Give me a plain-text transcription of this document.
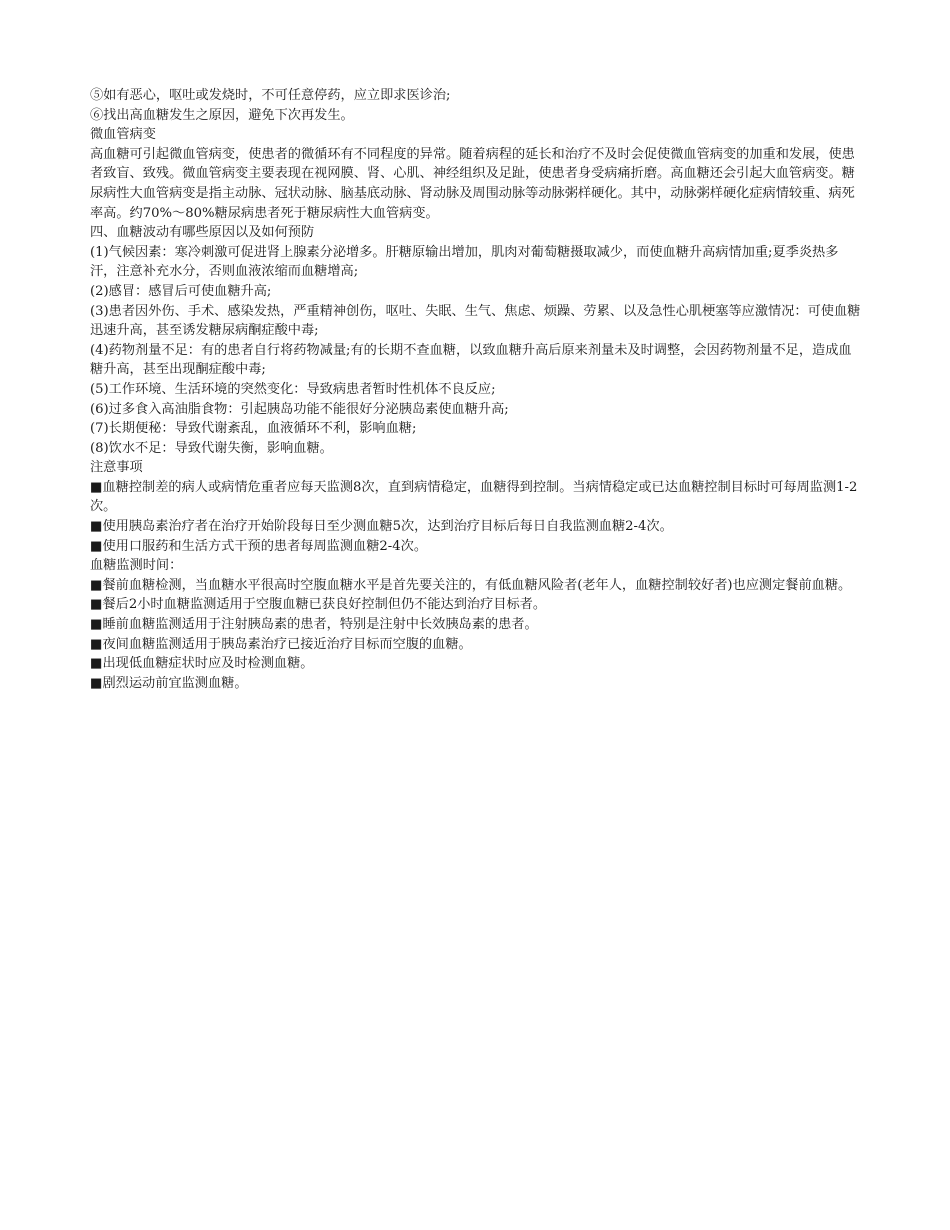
⑤如有恶心，呕吐或发烧时，不可任意停药，应立即求医诊治;

⑥找出高血糖发生之原因，避免下次再发生。

微血管病变

高血糖可引起微血管病变，使患者的微循环有不同程度的异常。随着病程的延长和治疗不及时会促使微血管病变的加重和发展，使患者致盲、致残。微血管病变主要表现在视网膜、肾、心肌、神经组织及足趾，使患者身受病痛折磨。高血糖还会引起大血管病变。糖尿病性大血管病变是指主动脉、冠状动脉、脑基底动脉、肾动脉及周围动脉等动脉粥样硬化。其中，动脉粥样硬化症病情较重、病死率高。约70%～80%糖尿病患者死于糖尿病性大血管病变。

四、血糖波动有哪些原因以及如何预防

(1)气候因素：寒冷刺激可促进肾上腺素分泌增多。肝糖原输出增加，肌肉对葡萄糖摄取减少，而使血糖升高病情加重;夏季炎热多汗，注意补充水分，否则血液浓缩而血糖增高;

(2)感冒：感冒后可使血糖升高;

(3)患者因外伤、手术、感染发热，严重精神创伤，呕吐、失眠、生气、焦虑、烦躁、劳累、以及急性心肌梗塞等应激情况：可使血糖迅速升高，甚至诱发糖尿病酮症酸中毒;

(4)药物剂量不足：有的患者自行将药物减量;有的长期不查血糖，以致血糖升高后原来剂量未及时调整，会因药物剂量不足，造成血糖升高，甚至出现酮症酸中毒;

(5)工作环境、生活环境的突然变化：导致病患者暂时性机体不良反应;

(6)过多食入高油脂食物：引起胰岛功能不能很好分泌胰岛素使血糖升高;

(7)长期便秘：导致代谢紊乱，血液循环不利，影响血糖;

(8)饮水不足：导致代谢失衡，影响血糖。

注意事项

■血糖控制差的病人或病情危重者应每天监测8次，直到病情稳定，血糖得到控制。当病情稳定或已达血糖控制目标时可每周监测1-2次。

■使用胰岛素治疗者在治疗开始阶段每日至少测血糖5次，达到治疗目标后每日自我监测血糖2-4次。

■使用口服药和生活方式干预的患者每周监测血糖2-4次。

血糖监测时间：

■餐前血糖检测，当血糖水平很高时空腹血糖水平是首先要关注的，有低血糖风险者(老年人，血糖控制较好者)也应测定餐前血糖。

■餐后2小时血糖监测适用于空腹血糖已获良好控制但仍不能达到治疗目标者。

■睡前血糖监测适用于注射胰岛素的患者，特别是注射中长效胰岛素的患者。

■夜间血糖监测适用于胰岛素治疗已接近治疗目标而空腹的血糖。

■出现低血糖症状时应及时检测血糖。

■剧烈运动前宜监测血糖。
